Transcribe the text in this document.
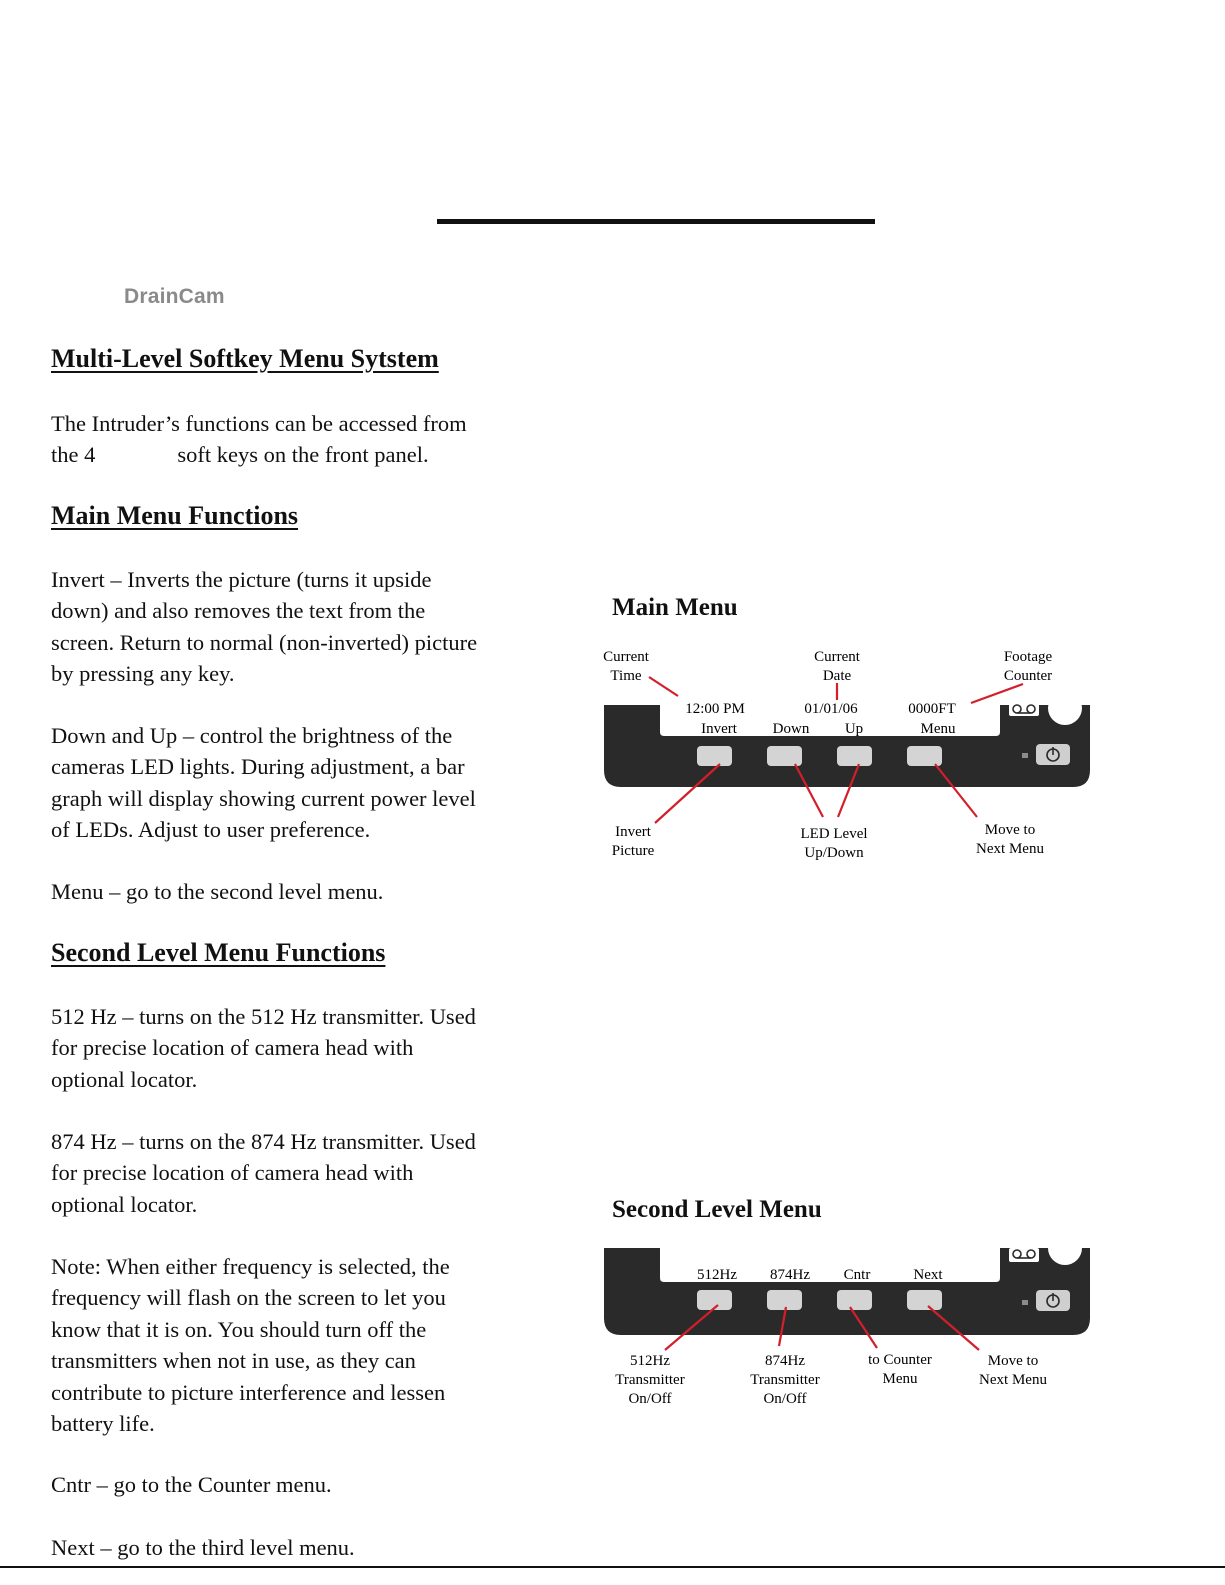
DrainCam
Multi-Level Softkey Menu Sytstem

The Intruder’s functions can be accessed from
the 4	soft keys on the front panel.

Main Menu Functions

Invert – Inverts the picture (turns it upside
down) and also removes the text from the
screen. Return to normal (non-inverted) picture
by pressing any key.

Down and Up – control the brightness of the
cameras LED lights. During adjustment, a bar
graph will display showing current power level
of LEDs. Adjust to user preference.

Menu – go to the second level menu.

Second Level Menu Functions

512 Hz – turns on the 512 Hz transmitter. Used
for precise location of camera head with
optional locator.

874 Hz – turns on the 874 Hz transmitter. Used
for precise location of camera head with
optional locator.

Note: When either frequency is selected, the
frequency will flash on the screen to let you
know that it is on. You should turn off the
transmitters when not in use, as they can
contribute to picture interference and lessen
battery life.

Cntr – go to the Counter menu.

Next – go to the third level menu.

Main Menu
12:00 PM	01/01/06	0000FT
Invert Down Up	Menu
Current
Time
Current
Date
Footage
Counter
Invert
Picture
LED Level
Up/Down
Move to
Next Menu
Second Level Menu
512Hz 874Hz Cntr	Next
512Hz
Transmitter
On/Off
874Hz
Transmitter
On/Off
to Counter
Menu
Move to
Next Menu
